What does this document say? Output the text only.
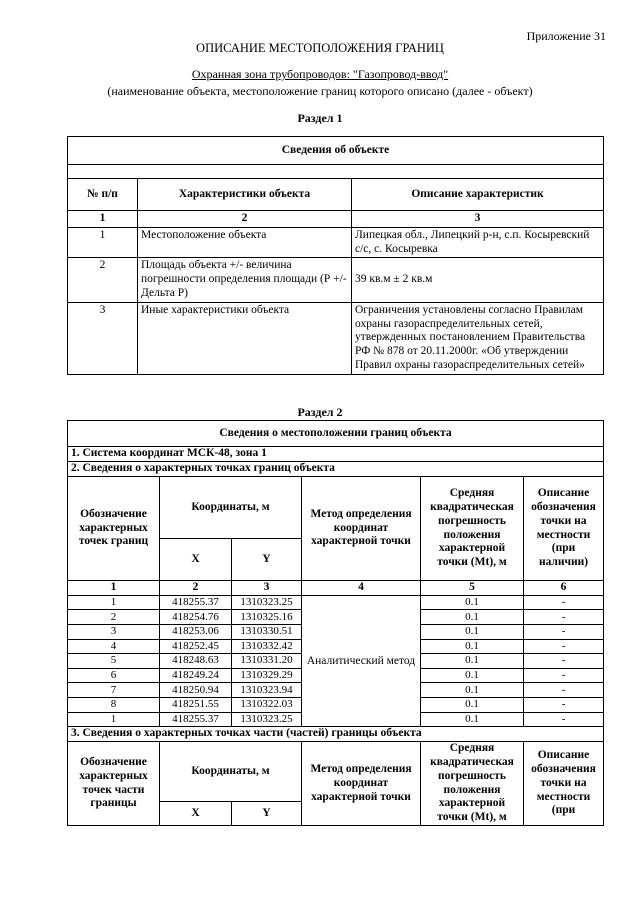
Приложение 31
ОПИСАНИЕ МЕСТОПОЛОЖЕНИЯ ГРАНИЦ
Охранная зона трубопроводов: "Газопровод-ввод"
(наименование объекта, местоположение границ которого описано (далее - объект)
Раздел 1
Сведения об объекте		

№ п/п	Характеристики объекта	Описание характеристик
1	2	3
1	Местоположение объекта	Липецкая обл., Липецкий р-н, с.п. Косыревский с/с, с. Косыревка
2	Площадь объекта +/- величина погрешности определения площади (Р +/- Дельта Р)	39 кв.м ± 2 кв.м
3	Иные характеристики объекта	Ограничения установлены согласно Правилам охраны газораспределительных сетей, утвержденных постановлением Правительства РФ № 878 от 20.11.2000г. «Об утверждении Правил охраны газораспределительных сетей»
Раздел 2
Сведения о местоположении границ объекта					
1. Система координат МСК-48, зона 1					
2. Сведения о характерных точках границ объекта					
Обозначение характерных точек границ	Координаты, м		Метод определения координат характерной точки	Средняя квадратическая погрешность положения характерной точки (Mt), м	Описание обозначения точки на местности (при наличии)
	X	Y			
1	2	3	4	5	6
1	418255.37	1310323.25	Аналитический метод	0.1	-
2	418254.76	1310325.16		0.1	-
3	418253.06	1310330.51		0.1	-
4	418252.45	1310332.42		0.1	-
5	418248.63	1310331.20		0.1	-
6	418249.24	1310329.29		0.1	-
7	418250.94	1310323.94		0.1	-
8	418251.55	1310322.03		0.1	-
1	418255.37	1310323.25		0.1	-
3. Сведения о характерных точках части (частей) границы объекта					
Обозначение характерных точек части границы	Координаты, м		Метод определения координат характерной точки	Средняя квадратическая погрешность положения характерной точки (Mt), м	Описание обозначения точки на местности (при
	X	Y			
